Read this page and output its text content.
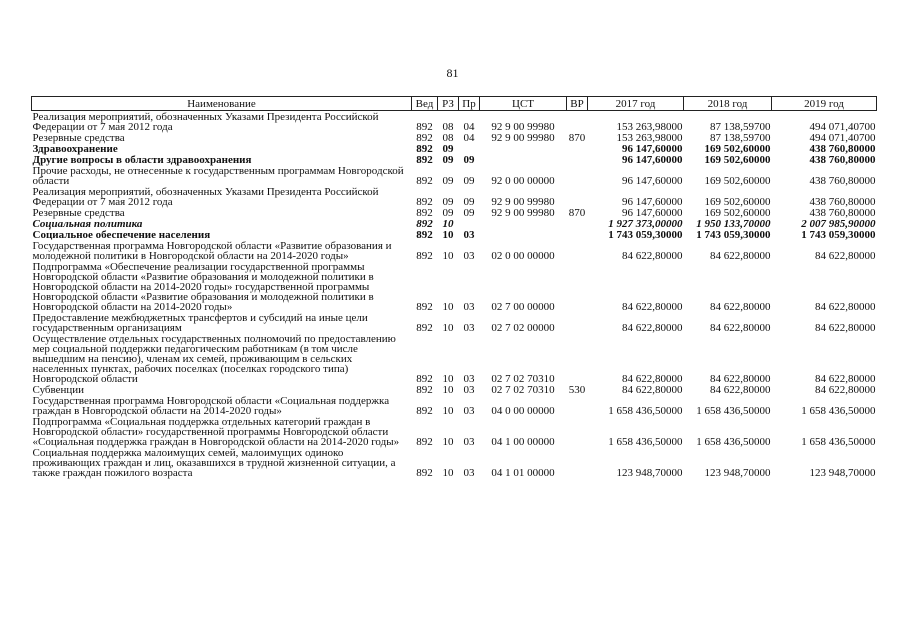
81
Наименование	Вед	РЗ	Пр	ЦСТ	ВР	2017 год	2018 год	2019 год
Реализация мероприятий, обозначенных Указами Президента Российской Федерации от 7 мая 2012 года	892	08	04	92 9 00 99980		153 263,98000	87 138,59700	494 071,40700
Резервные средства	892	08	04	92 9 00 99980	870	153 263,98000	87 138,59700	494 071,40700
Здравоохранение	892	09				96 147,60000	169 502,60000	438 760,80000
Другие вопросы в области здравоохранения	892	09	09			96 147,60000	169 502,60000	438 760,80000
Прочие расходы, не отнесенные к государственным программам Новгородской области	892	09	09	92 0 00 00000		96 147,60000	169 502,60000	438 760,80000
Реализация мероприятий, обозначенных Указами Президента Российской Федерации от 7 мая 2012 года	892	09	09	92 9 00 99980		96 147,60000	169 502,60000	438 760,80000
Резервные средства	892	09	09	92 9 00 99980	870	96 147,60000	169 502,60000	438 760,80000
Социальная политика	892	10				1 927 373,00000	1 950 133,70000	2 007 985,90000
Социальное обеспечение населения	892	10	03			1 743 059,30000	1 743 059,30000	1 743 059,30000
Государственная программа Новгородской области «Развитие образования и молодежной политики в Новгородской области на 2014-2020 годы»	892	10	03	02 0 00 00000		84 622,80000	84 622,80000	84 622,80000
Подпрограмма «Обеспечение реализации государственной программы Новгородской области «Развитие образования и молодежной политики в Новгородской области на 2014-2020 годы» государственной программы Новгородской области «Развитие образования и молодежной политики в Новгородской области на 2014-2020 годы»	892	10	03	02 7 00 00000		84 622,80000	84 622,80000	84 622,80000
Предоставление межбюджетных трансфертов и субсидий на иные цели государственным организациям	892	10	03	02 7 02 00000		84 622,80000	84 622,80000	84 622,80000
Осуществление отдельных государственных полномочий по предоставлению мер социальной поддержки педагогическим работникам (в том числе вышедшим на пенсию), членам их семей, проживающим в сельских населенных пунктах, рабочих поселках (поселках городского типа) Новгородской области	892	10	03	02 7 02 70310		84 622,80000	84 622,80000	84 622,80000
Субвенции	892	10	03	02 7 02 70310	530	84 622,80000	84 622,80000	84 622,80000
Государственная программа Новгородской области «Социальная поддержка граждан в Новгородской области на 2014-2020 годы»	892	10	03	04 0 00 00000		1 658 436,50000	1 658 436,50000	1 658 436,50000
Подпрограмма «Социальная поддержка отдельных категорий граждан в Новгородской области» государственной программы Новгородской области «Социальная поддержка граждан в Новгородской области на 2014-2020 годы»	892	10	03	04 1 00 00000		1 658 436,50000	1 658 436,50000	1 658 436,50000
Социальная поддержка малоимущих семей, малоимущих одиноко проживающих граждан и лиц, оказавшихся в трудной жизненной ситуации, а также граждан пожилого возраста	892	10	03	04 1 01 00000		123 948,70000	123 948,70000	123 948,70000
